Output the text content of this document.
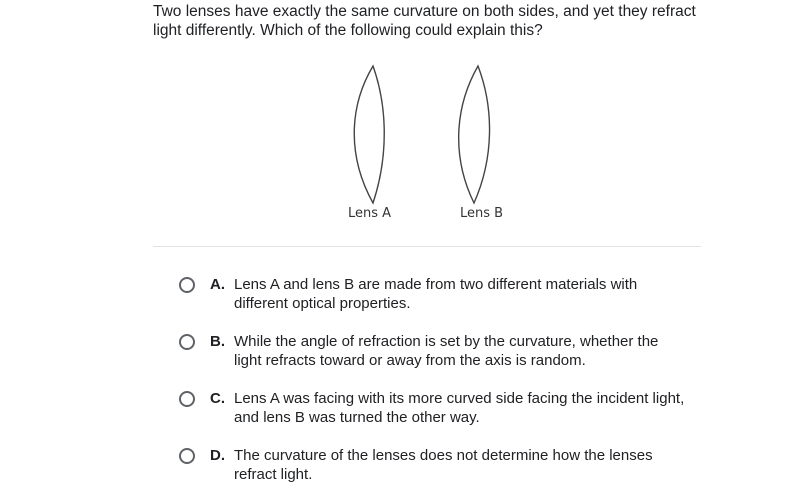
Two lenses have exactly the same curvature on both sides, and yet they refract light differently. Which of the following could explain this?

Lens A	Lens B
A. Lens A and lens B are made from two different materials with different optical properties.
B. While the angle of refraction is set by the curvature, whether the light refracts toward or away from the axis is random.
C. Lens A was facing with its more curved side facing the incident light, and lens B was turned the other way.
D. The curvature of the lenses does not determine how the lenses refract light.
